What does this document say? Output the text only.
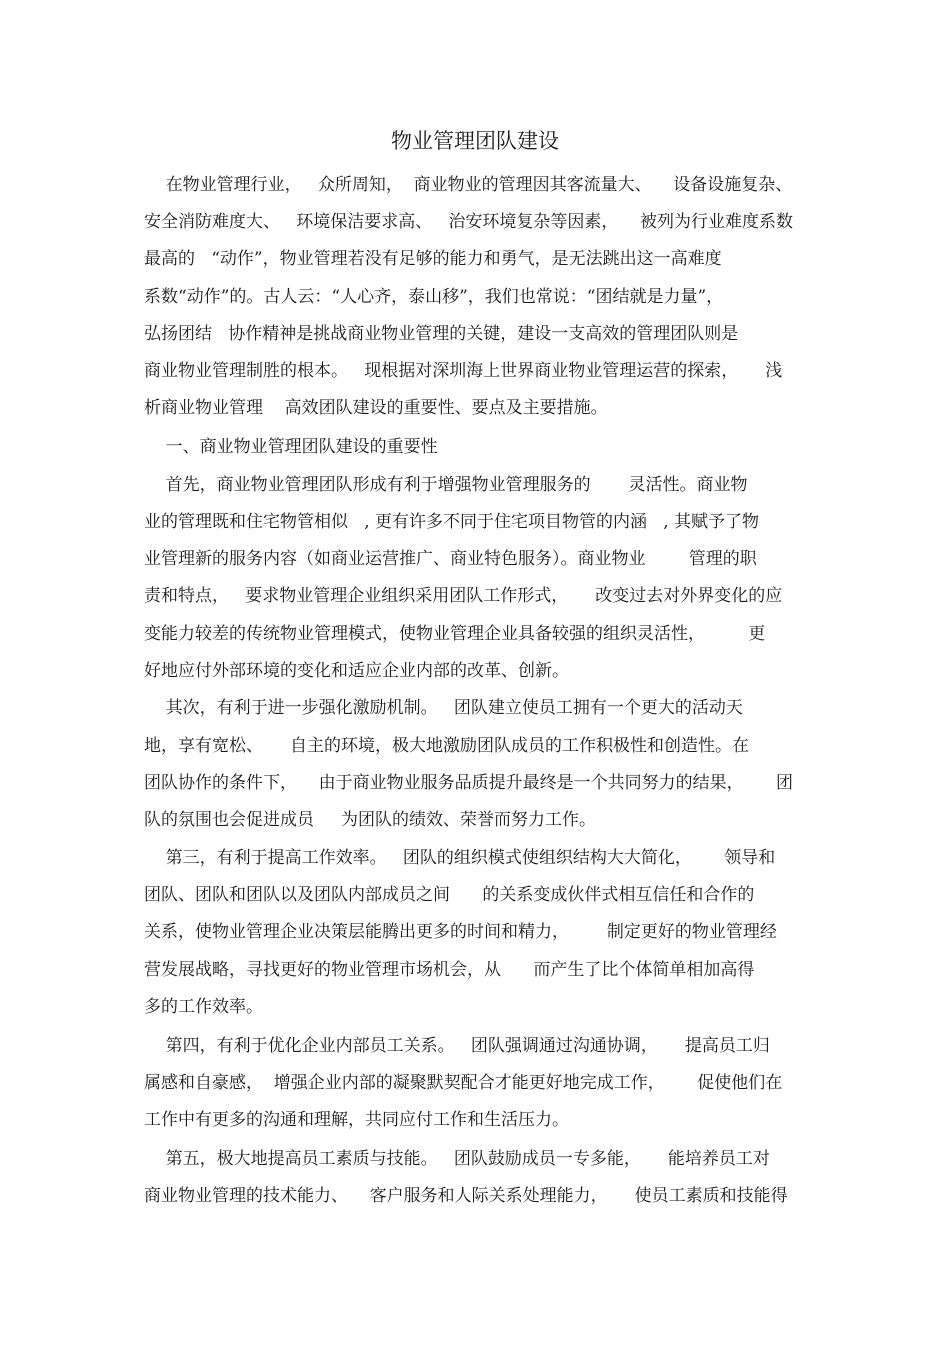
物业管理团队建设
在物业管理行业，   众所周知，  商业物业的管理因其客流量大、    设备设施复杂、
安全消防难度大、   环境保洁要求高、   治安环境复杂等因素，    被列为行业难度系数
最高的   “动作”，物业管理若没有足够的能力和勇气，是无法跳出这一高难度
系数“动作”的。古人云：“人心齐，泰山移”，我们也常说：“团结就是力量”，
弘扬团结   协作精神是挑战商业物业管理的关键，建设一支高效的管理团队则是
商业物业管理制胜的根本。   现根据对深圳海上世界商业物业管理运营的探索，     浅
析商业物业管理    高效团队建设的重要性、要点及主要措施。
一、商业物业管理团队建设的重要性
首先，商业物业管理团队形成有利于增强物业管理服务的       灵活性。商业物
业的管理既和住宅物管相似   , 更有许多不同于住宅项目物管的内涵   , 其赋予了物
业管理新的服务内容（如商业运营推广、商业特色服务）。商业物业        管理的职
责和特点，   要求物业管理企业组织采用团队工作形式，     改变过去对外界变化的应
变能力较差的传统物业管理模式，使物业管理企业具备较强的组织灵活性，        更
好地应付外部环境的变化和适应企业内部的改革、创新。
其次，有利于进一步强化激励机制。   团队建立使员工拥有一个更大的活动天
地，享有宽松、     自主的环境，极大地激励团队成员的工作积极性和创造性。在
团队协作的条件下，    由于商业物业服务品质提升最终是一个共同努力的结果，      团
队的氛围也会促进成员     为团队的绩效、荣誉而努力工作。
第三，有利于提高工作效率。   团队的组织模式使组织结构大大简化，      领导和
团队、团队和团队以及团队内部成员之间      的关系变成伙伴式相互信任和合作的
关系，使物业管理企业决策层能腾出更多的时间和精力，       制定更好的物业管理经
营发展战略，寻找更好的物业管理市场机会，从      而产生了比个体简单相加高得
多的工作效率。
第四，有利于优化企业内部员工关系。   团队强调通过沟通协调，     提高员工归
属感和自豪感，  增强企业内部的凝聚默契配合才能更好地完成工作，      促使他们在
工作中有更多的沟通和理解，共同应付工作和生活压力。
第五，极大地提高员工素质与技能。   团队鼓励成员一专多能，     能培养员工对
商业物业管理的技术能力、    客户服务和人际关系处理能力，     使员工素质和技能得
